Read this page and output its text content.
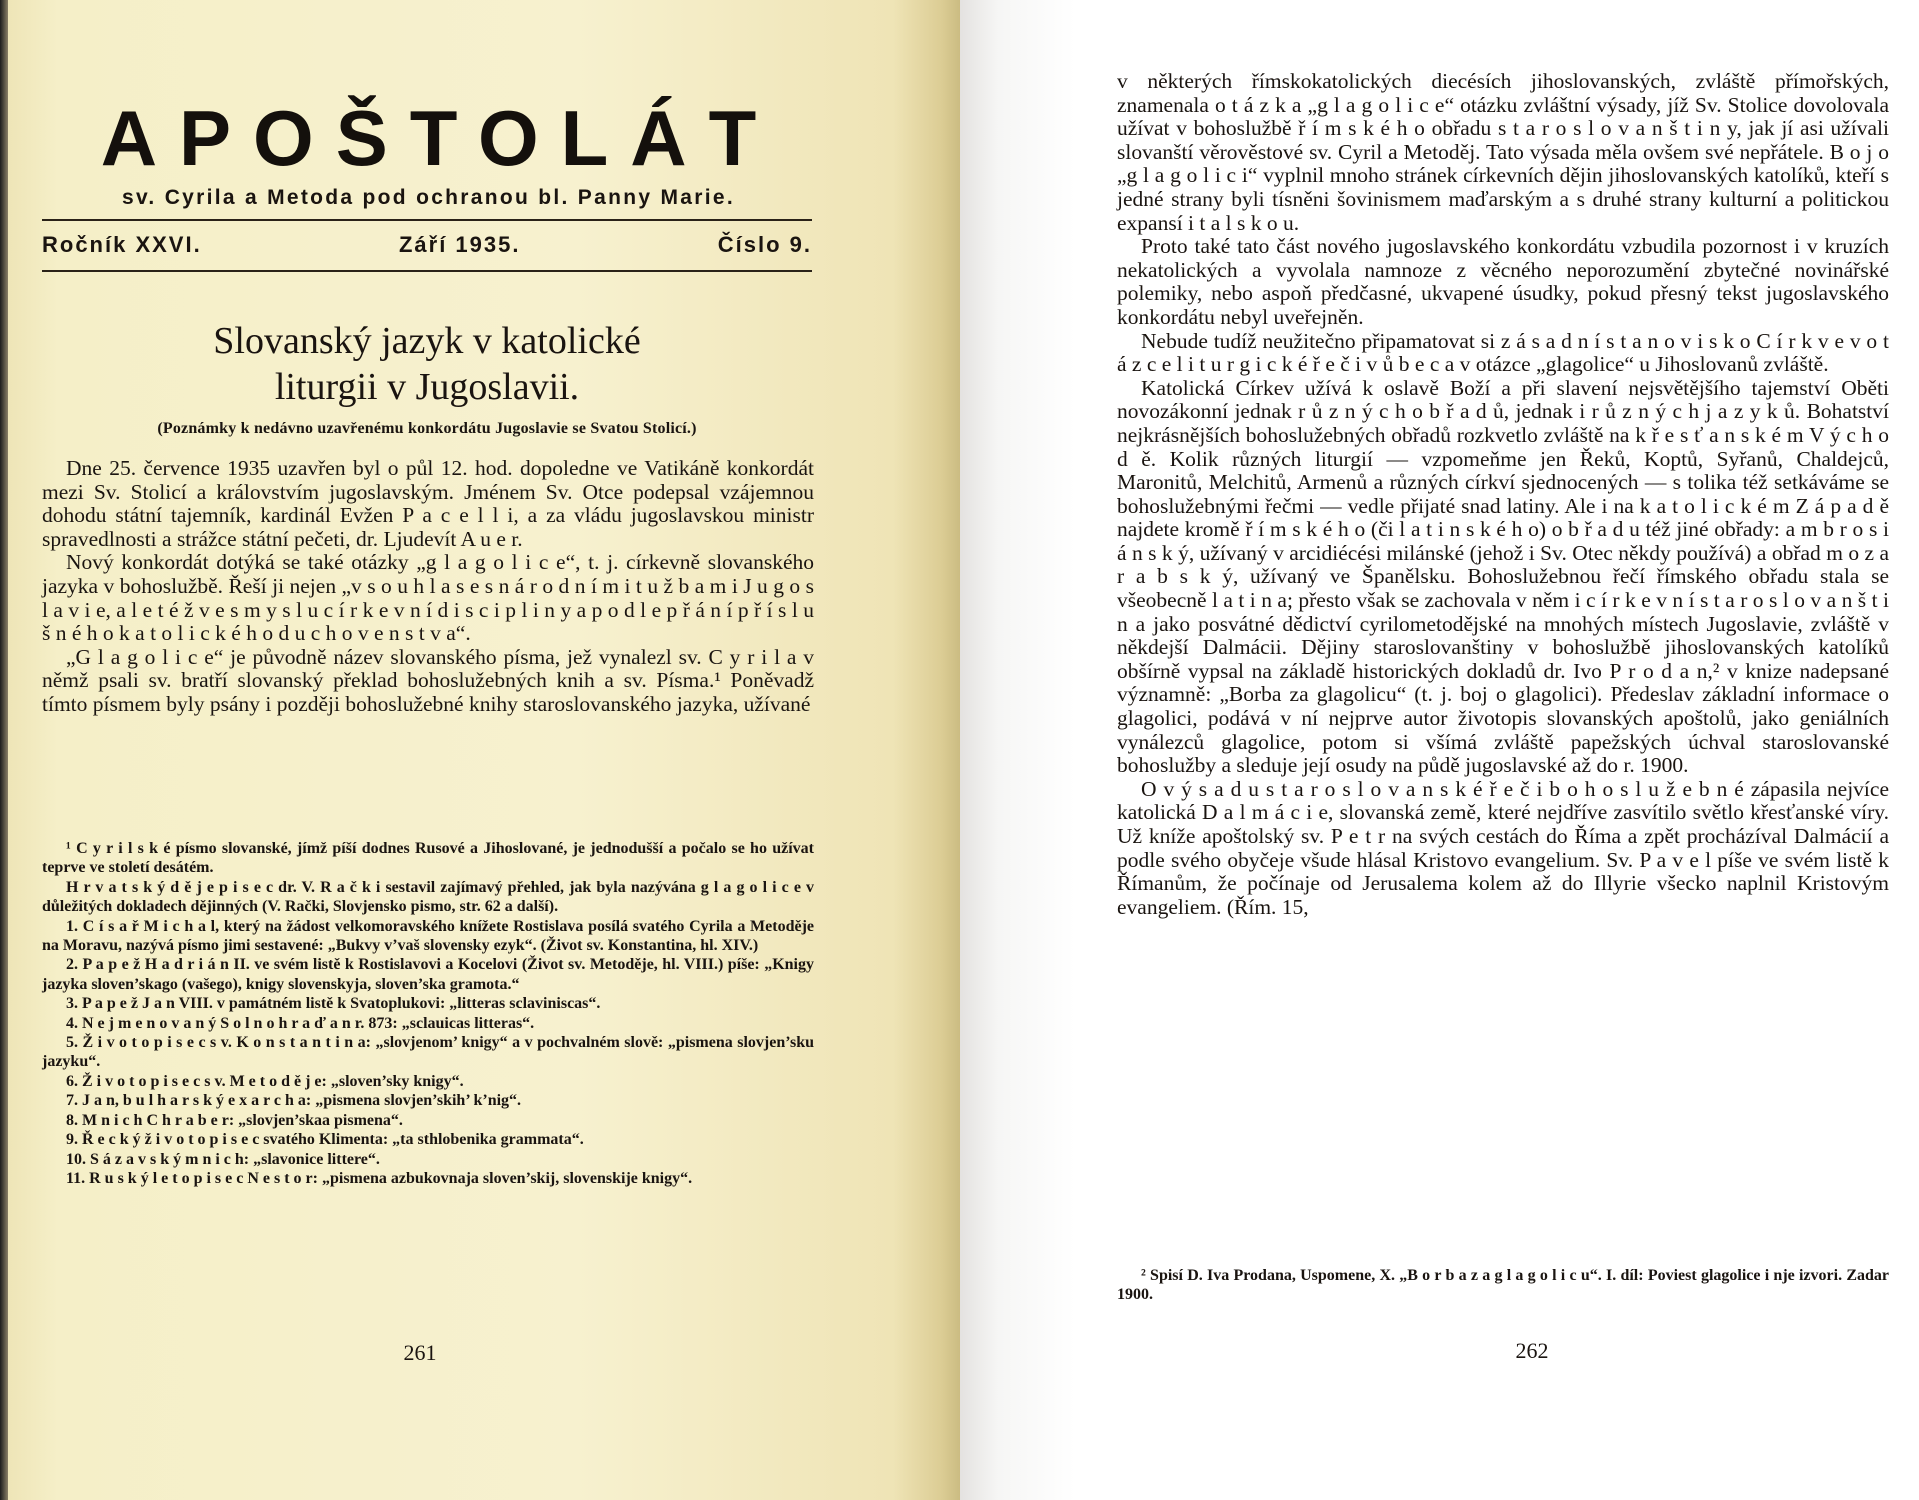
APOŠTOLÁT
sv. Cyrila a Metoda pod ochranou bl. Panny Marie.
Ročník XXVI.	Září 1935.	Číslo 9.
Slovanský jazyk v katolické liturgii v Jugoslavii.
(Poznámky k nedávno uzavřenému konkordátu Jugoslavie se Svatou Stolicí.)

Dne 25. července 1935 uzavřen byl o půl 12. hod. dopoledne ve Vatikáně konkordát mezi Sv. Stolicí a královstvím jugoslavským. Jménem Sv. Otce podepsal vzájemnou dohodu státní tajemník, kardinál Evžen P a c e l l i, a za vládu jugoslavskou ministr spravedlnosti a strážce státní pečeti, dr. Ljudevít A u e r.

Nový konkordát dotýká se také otázky „g l a g o l i c e“, t. j. církevně slovanského jazyka v bohoslužbě. Řeší ji nejen „v s o u h l a s e s n á r o d n í m i t u ž b a m i J u g o s l a v i e, a l e t é ž v e s m y s l u c í r k e v n í d i s c i p l i n y a p o d l e p ř á n í p ř í s l u š n é h o k a t o l i c k é h o d u c h o v e n s t v a“.

„G l a g o l i c e“ je původně název slovanského písma, jež vynalezl sv. C y r i l a v němž psali sv. bratří slovanský překlad bohoslužebných knih a sv. Písma.¹ Poněvadž tímto písmem byly psány i později bohoslužebné knihy staroslovanského jazyka, užívané

¹ C y r i l s k é písmo slovanské, jímž píší dodnes Rusové a Jihoslované, je jednodušší a počalo se ho užívat teprve ve století desátém.

H r v a t s k ý d ě j e p i s e c dr. V. R a č k i sestavil zajímavý přehled, jak byla nazývána g l a g o l i c e v důležitých dokladech dějinných (V. Rački, Slovjensko pismo, str. 62 a další).

1. C í s a ř M i c h a l, který na žádost velkomoravského knížete Rostislava posílá svatého Cyrila a Metoděje na Moravu, nazývá písmo jimi sestavené: „Bukvy v’vaš slovensky ezyk“. (Život sv. Konstantina, hl. XIV.)

2. P a p e ž H a d r i á n II. ve svém listě k Rostislavovi a Kocelovi (Život sv. Metoděje, hl. VIII.) píše: „Knigy jazyka sloven’skago (vašego), knigy slovenskyja, sloven’ska gramota.“

3. P a p e ž J a n VIII. v památném listě k Svatoplukovi: „litteras sclaviniscas“.

4. N e j m e n o v a n ý S o l n o h r a ď a n r. 873: „sclauicas litteras“.

5. Ž i v o t o p i s e c s v. K o n s t a n t i n a: „slovjenom’ knigy“ a v pochvalném slově: „pismena slovjen’sku jazyku“.

6. Ž i v o t o p i s e c s v. M e t o d ě j e: „sloven’sky knigy“.

7. J a n, b u l h a r s k ý e x a r c h a: „pismena slovjen’skih’ k’nig“.

8. M n i c h C h r a b e r: „slovjen’skaa pismena“.

9. Ř e c k ý ž i v o t o p i s e c svatého Klimenta: „ta sthlobenika grammata“.

10. S á z a v s k ý m n i c h: „slavonice littere“.

11. R u s k ý l e t o p i s e c N e s t o r: „pismena azbukovnaja sloven’skij, slovenskije knigy“.

261

v některých římskokatolických diecésích jihoslovanských, zvláště přímořských, znamenala o t á z k a „g l a g o l i c e“ otázku zvláštní výsady, jíž Sv. Stolice dovolovala užívat v bohoslužbě ř í m s k é h o obřadu s t a r o s l o v a n š t i n y, jak jí asi užívali slovanští věrověstové sv. Cyril a Metoděj. Tato výsada měla ovšem své nepřátele. B o j o „g l a g o l i c i“ vyplnil mnoho stránek církevních dějin jihoslovanských katolíků, kteří s jedné strany byli tísněni šovinismem maďarským a s druhé strany kulturní a politickou expansí i t a l s k o u.

Proto také tato část nového jugoslavského konkordátu vzbudila pozornost i v kruzích nekatolických a vyvolala namnoze z věcného neporozumění zbytečné novinářské polemiky, nebo aspoň předčasné, ukvapené úsudky, pokud přesný tekst jugoslavského konkordátu nebyl uveřejněn.

Nebude tudíž neužitečno připamatovat si z á s a d n í s t a n o v i s k o C í r k v e v o t á z c e l i t u r g i c k é ř e č i v ů b e c a v otázce „glagolice“ u Jihoslovanů zvláště.

Katolická Církev užívá k oslavě Boží a při slavení nejsvětějšího tajemství Oběti novozákonní jednak r ů z n ý c h o b ř a d ů, jednak i r ů z n ý c h j a z y k ů. Bohatství nejkrásnějších bohoslužebných obřadů rozkvetlo zvláště na k ř e s ť a n s k é m V ý c h o d ě. Kolik různých liturgií — vzpomeňme jen Řeků, Koptů, Syřanů, Chaldejců, Maronitů, Melchitů, Armenů a různých církví sjednocených — s tolika též setkáváme se bohoslužebnými řečmi — vedle přijaté snad latiny. Ale i na k a t o l i c k é m Z á p a d ě najdete kromě ř í m s k é h o (či l a t i n s k é h o) o b ř a d u též jiné obřady: a m b r o s i á n s k ý, užívaný v arcidiécési milánské (jehož i Sv. Otec někdy používá) a obřad m o z a r a b s k ý, užívaný ve Španělsku. Bohoslužebnou řečí římského obřadu stala se všeobecně l a t i n a; přesto však se zachovala v něm i c í r k e v n í s t a r o s l o v a n š t i n a jako posvátné dědictví cyrilometodějské na mnohých místech Jugoslavie, zvláště v někdejší Dalmácii. Dějiny staroslovanštiny v bohoslužbě jihoslovanských katolíků obšírně vypsal na základě historických dokladů dr. Ivo P r o d a n,² v knize nadepsané významně: „Borba za glagolicu“ (t. j. boj o glagolici). Předeslav základní informace o glagolici, podává v ní nejprve autor životopis slovanských apoštolů, jako geniálních vynálezců glagolice, potom si všímá zvláště papežských úchval staroslovanské bohoslužby a sleduje její osudy na půdě jugoslavské až do r. 1900.

O v ý s a d u s t a r o s l o v a n s k é ř e č i b o h o s l u ž e b n é zápasila nejvíce katolická D a l m á c i e, slovanská země, které nejdříve zasvítilo světlo křesťanské víry. Už kníže apoštolský sv. P e t r na svých cestách do Říma a zpět procházíval Dalmácií a podle svého obyčeje všude hlásal Kristovo evangelium. Sv. P a v e l píše ve svém listě k Římanům, že počínaje od Jerusalema kolem až do Illyrie všecko naplnil Kristovým evangeliem. (Řím. 15,

² Spisí D. Iva Prodana, Uspomene, X. „B o r b a z a g l a g o l i c u“. I. díl: Poviest glagolice i nje izvori. Zadar 1900.

262
